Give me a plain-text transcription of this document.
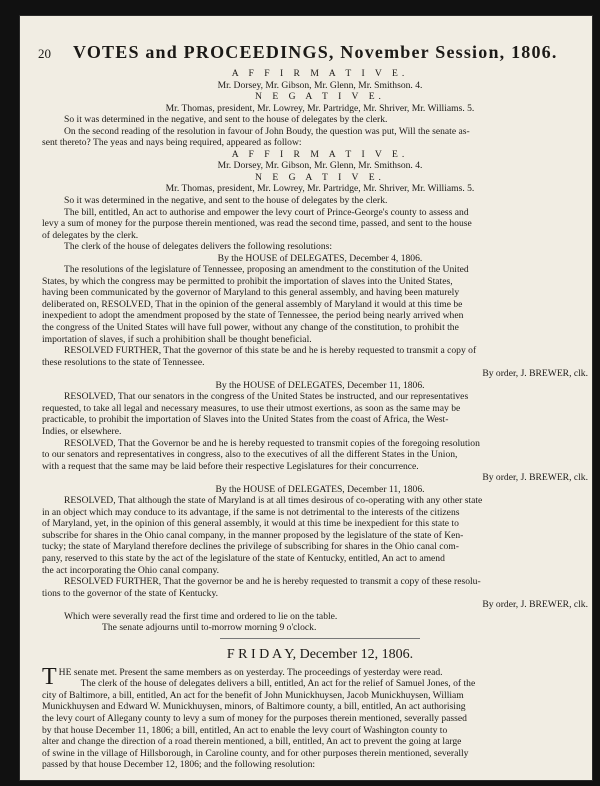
20 VOTES and PROCEEDINGS, November Session, 1806.
A F F I R M A T I V E.
Mr. Dorsey, Mr. Gibson, Mr. Glenn, Mr. Smithson. 4.
N E G A T I V E.
Mr. Thomas, president, Mr. Lowrey, Mr. Partridge, Mr. Shriver, Mr. Williams. 5.
So it was determined in the negative, and sent to the house of delegates by the clerk.
On the second reading of the resolution in favour of John Boudy, the question was put, Will the senate as-
sent thereto? The yeas and nays being required, appeared as follow:
A F F I R M A T I V E.
Mr. Dorsey, Mr. Gibson, Mr. Glenn, Mr. Smithson. 4.
N E G A T I V E.
Mr. Thomas, president, Mr. Lowrey, Mr. Partridge, Mr. Shriver, Mr. Williams. 5.
So it was determined in the negative, and sent to the house of delegates by the clerk.
The bill, entitled, An act to authorise and empower the levy court of Prince-George's county to assess and
levy a sum of money for the purpose therein mentioned, was read the second time, passed, and sent to the house
of delegates by the clerk.
The clerk of the house of delegates delivers the following resolutions:
By the HOUSE of DELEGATES, December 4, 1806.
The resolutions of the legislature of Tennessee, proposing an amendment to the constitution of the United
States, by which the congress may be permitted to prohibit the importation of slaves into the United States,
having been communicated by the governor of Maryland to this general assembly, and having been maturely
deliberated on, RESOLVED, That in the opinion of the general assembly of Maryland it would at this time be
inexpedient to adopt the amendment proposed by the state of Tennessee, the period being nearly arrived when
the congress of the United States will have full power, without any change of the constitution, to prohibit the
importation of slaves, if such a prohibition shall be thought beneficial.
RESOLVED FURTHER, That the governor of this state be and he is hereby requested to transmit a copy of
these resolutions to the state of Tennessee.
By order, J. BREWER, clk.
By the HOUSE of DELEGATES, December 11, 1806.
RESOLVED, That our senators in the congress of the United States be instructed, and our representatives
requested, to take all legal and necessary measures, to use their utmost exertions, as soon as the same may be
practicable, to prohibit the importation of Slaves into the United States from the coast of Africa, the West-
Indies, or elsewhere.
RESOLVED, That the Governor be and he is hereby requested to transmit copies of the foregoing resolution
to our senators and representatives in congress, also to the executives of all the different States in the Union,
with a request that the same may be laid before their respective Legislatures for their concurrence.
By order, J. BREWER, clk.
By the HOUSE of DELEGATES, December 11, 1806.
RESOLVED, That although the state of Maryland is at all times desirous of co-operating with any other state
in an object which may conduce to its advantage, if the same is not detrimental to the interests of the citizens
of Maryland, yet, in the opinion of this general assembly, it would at this time be inexpedient for this state to
subscribe for shares in the Ohio canal company, in the manner proposed by the legislature of the state of Ken-
tucky; the state of Maryland therefore declines the privilege of subscribing for shares in the Ohio canal com-
pany, reserved to this state by the act of the legislature of the state of Kentucky, entitled, An act to amend
the act incorporating the Ohio canal company.
RESOLVED FURTHER, That the governor be and he is hereby requested to transmit a copy of these resolu-
tions to the governor of the state of Kentucky.
By order, J. BREWER, clk.
Which were severally read the first time and ordered to lie on the table.
The senate adjourns until to-morrow morning 9 o'clock.
F R I D A Y, December 12, 1806.
T HE senate met. Present the same members as on yesterday. The proceedings of yesterday were read.
The clerk of the house of delegates delivers a bill, entitled, An act for the relief of Samuel Jones, of the
city of Baltimore, a bill, entitled, An act for the benefit of John Munickhuysen, Jacob Munickhuysen, William
Munickhuysen and Edward W. Munickhuysen, minors, of Baltimore county, a bill, entitled, An act authorising
the levy court of Allegany county to levy a sum of money for the purposes therein mentioned, severally passed
by that house December 11, 1806; a bill, entitled, An act to enable the levy court of Washington county to
alter and change the direction of a road therein mentioned, a bill, entitled, An act to prevent the going at large
of swine in the village of Hillsborough, in Caroline county, and for other purposes therein mentioned, severally
passed by that house December 12, 1806; and the following resolution:
